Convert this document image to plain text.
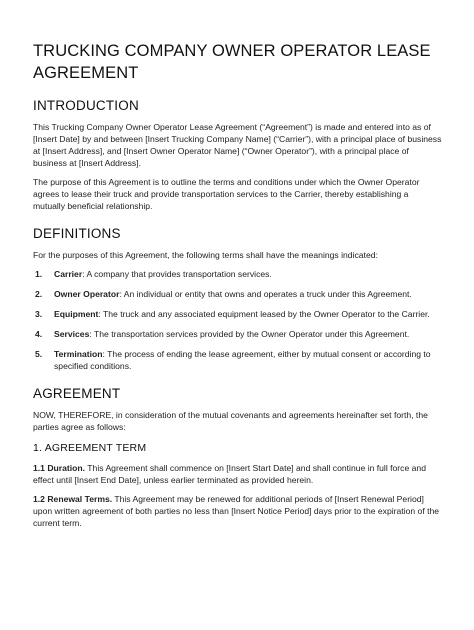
TRUCKING COMPANY OWNER OPERATOR LEASE
AGREEMENT
INTRODUCTION

This Trucking Company Owner Operator Lease Agreement (“Agreement”) is made and entered into as of [Insert Date] by and between [Insert Trucking Company Name] (“Carrier”), with a principal place of business at [Insert Address], and [Insert Owner Operator Name] (“Owner Operator”), with a principal place of business at [Insert Address].

The purpose of this Agreement is to outline the terms and conditions under which the Owner Operator agrees to lease their truck and provide transportation services to the Carrier, thereby establishing a mutually beneficial relationship.

DEFINITIONS

For the purposes of this Agreement, the following terms shall have the meanings indicated:

1. Carrier: A company that provides transportation services.
2. Owner Operator: An individual or entity that owns and operates a truck under this Agreement.
3. Equipment: The truck and any associated equipment leased by the Owner Operator to the Carrier.
4. Services: The transportation services provided by the Owner Operator under this Agreement.
5. Termination: The process of ending the lease agreement, either by mutual consent or according to specified conditions.
AGREEMENT

NOW, THEREFORE, in consideration of the mutual covenants and agreements hereinafter set forth, the parties agree as follows:

1. AGREEMENT TERM

1.1 Duration. This Agreement shall commence on [Insert Start Date] and shall continue in full force and effect until [Insert End Date], unless earlier terminated as provided herein.

1.2 Renewal Terms. This Agreement may be renewed for additional periods of [Insert Renewal Period] upon written agreement of both parties no less than [Insert Notice Period] days prior to the expiration of the current term.
